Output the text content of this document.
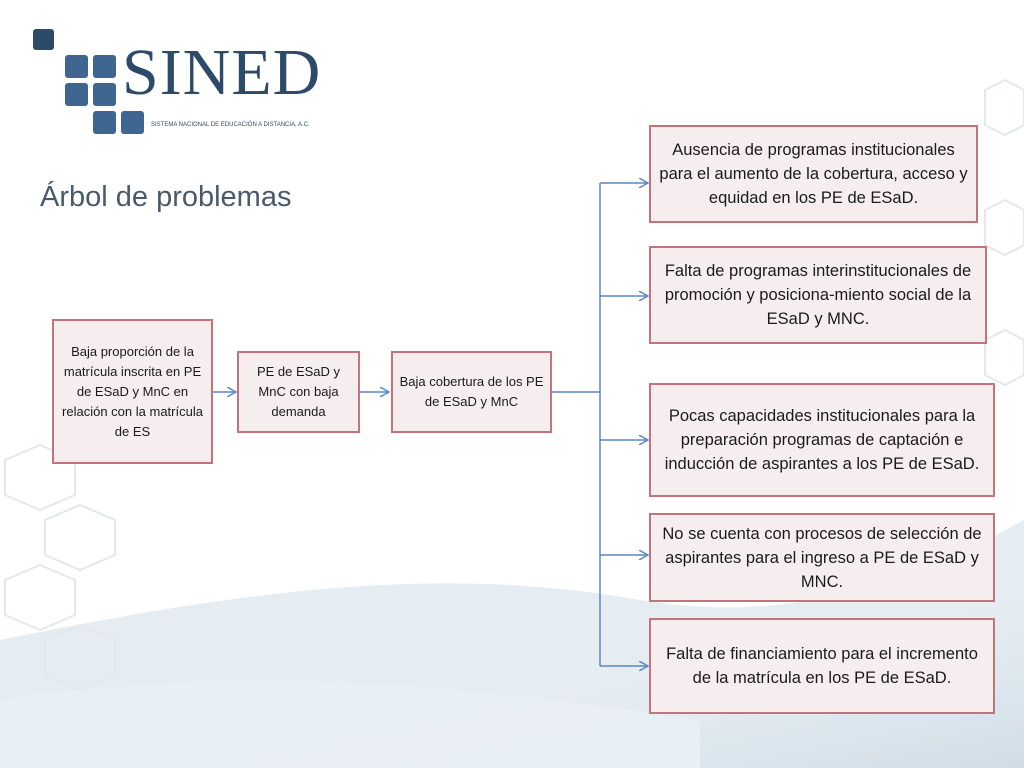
SINED
SISTEMA NACIONAL DE EDUCACIÓN A DISTANCIA, A.C.
Árbol de problemas
Baja proporción de la matrícula inscrita en PE de ESaD y MnC en relación con la matrícula de ES
PE de ESaD y MnC con baja demanda
Baja cobertura de los PE de ESaD y MnC
Ausencia de programas institucionales para el aumento de la cobertura, acceso y equidad en los PE de ESaD.
Falta de programas interinstitucionales de promoción y posiciona-miento social de la ESaD y MNC.
Pocas capacidades institucionales para la preparación programas de captación e inducción de aspirantes a los PE de ESaD.
No se cuenta con procesos de selección de aspirantes para el ingreso a PE de ESaD y MNC.
Falta de financiamiento para el incremento de la matrícula en los PE de ESaD.
